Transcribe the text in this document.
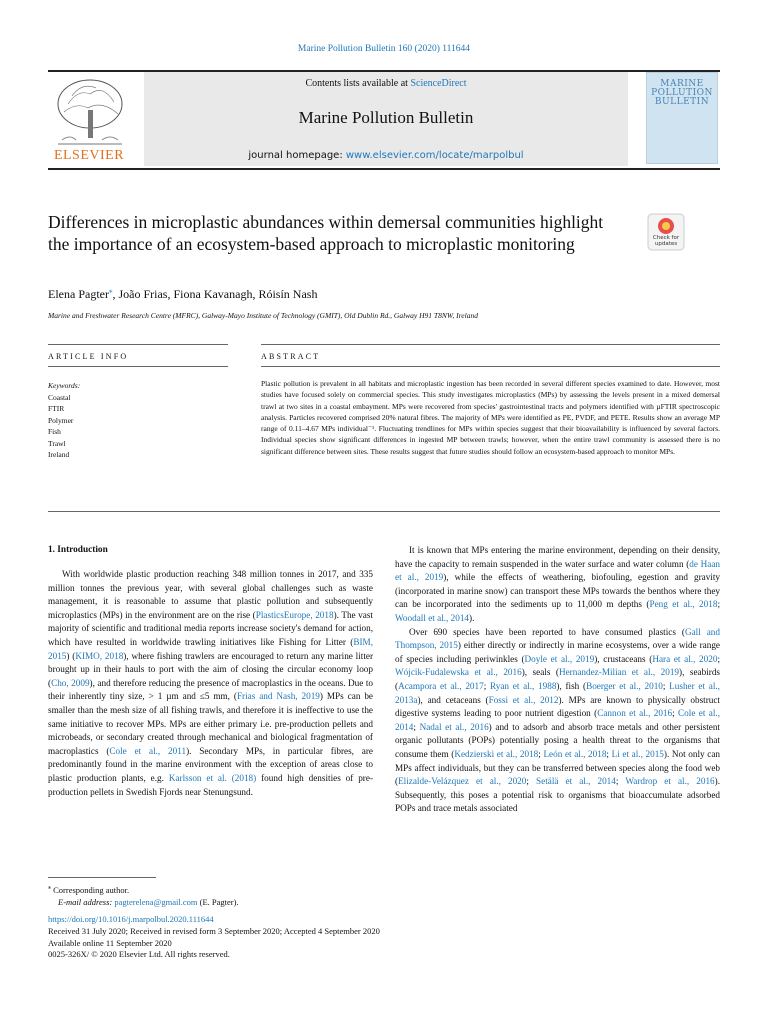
Marine Pollution Bulletin 160 (2020) 111644
ELSEVIER
Contents lists available at ScienceDirect
Marine Pollution Bulletin
journal homepage: www.elsevier.com/locate/marpolbul
MARINE POLLUTION BULLETIN
Differences in microplastic abundances within demersal communities highlight the importance of an ecosystem-based approach to microplastic monitoring	Check for updates
Elena Pagter⁎, João Frias, Fiona Kavanagh, Róisín Nash
Marine and Freshwater Research Centre (MFRC), Galway-Mayo Institute of Technology (GMIT), Old Dublin Rd., Galway H91 T8NW, Ireland
ARTICLE INFO	ABSTRACT
Keywords:
Coastal
FTIR
Polymer
Fish
Trawl
Ireland
Plastic pollution is prevalent in all habitats and microplastic ingestion has been recorded in several different species examined to date. However, most studies have focused solely on commercial species. This study investigates microplastics (MPs) by assessing the levels present in a mixed demersal trawl at two sites in a coastal embayment. MPs were recovered from species' gastrointestinal tracts and polymers identified with µFTIR spectroscopic analysis. Particles recovered comprised 20% natural fibres. The majority of MPs were identified as PE, PVDF, and PETE. Results show an average MP range of 0.11–4.67 MPs individual⁻¹. Fluctuating trendlines for MPs within species suggest that their bioavailability is influenced by several factors. Individual species show significant differences in ingested MP between trawls; however, when the entire trawl community is assessed there is no significant difference between sites. These results suggest that future studies should follow an ecosystem-based approach to monitor MPs.
1. Introduction

With worldwide plastic production reaching 348 million tonnes in 2017, and 335 million tonnes the previous year, with several global challenges such as waste management, it is reasonable to assume that plastic pollution and subsequently microplastics (MPs) in the environment are on the rise (PlasticsEurope, 2018). The vast majority of scientific and traditional media reports increase society's demand for action, which have resulted in worldwide trawling initiatives like Fishing for Litter (BIM, 2015) (KIMO, 2018), where fishing trawlers are encouraged to return any marine litter brought up in their hauls to port with the aim of closing the circular economy loop (Cho, 2009), and therefore reducing the presence of macroplastics in the oceans. Due to their inherently tiny size, > 1 µm and ≤5 mm, (Frias and Nash, 2019) MPs can be smaller than the mesh size of all fishing trawls, and therefore it is ineffective to use the same initiative to recover MPs. MPs are either primary i.e. pre-production pellets and microbeads, or secondary created through mechanical and biological fragmentation of macroplastics (Cole et al., 2011). Secondary MPs, in particular fibres, are predominantly found in the marine environment with the exception of areas close to plastic production plants, e.g. Karlsson et al. (2018) found high densities of pre-production pellets in Swedish Fjords near Stenungsund.

It is known that MPs entering the marine environment, depending on their density, have the capacity to remain suspended in the water surface and water column (de Haan et al., 2019), while the effects of weathering, biofouling, egestion and gravity (incorporated in marine snow) can transport these MPs towards the benthos where they can be incorporated into the sediments up to 11,000 m depths (Peng et al., 2018; Woodall et al., 2014).

Over 690 species have been reported to have consumed plastics (Gall and Thompson, 2015) either directly or indirectly in marine ecosystems, over a wide range of species including periwinkles (Doyle et al., 2019), crustaceans (Hara et al., 2020; Wójcik-Fudalewska et al., 2016), seals (Hernandez-Milian et al., 2019), seabirds (Acampora et al., 2017; Ryan et al., 1988), fish (Boerger et al., 2010; Lusher et al., 2013a), and cetaceans (Fossi et al., 2012). MPs are known to physically obstruct digestive systems leading to poor nutrient digestion (Cannon et al., 2016; Cole et al., 2014; Nadal et al., 2016) and to adsorb and absorb trace metals and other persistent organic pollutants (POPs) potentially posing a health threat to the organisms that consume them (Kedzierski et al., 2018; León et al., 2018; Li et al., 2015). Not only can MPs affect individuals, but they can be transferred between species along the food web (Elizalde-Velázquez et al., 2020; Setälä et al., 2014; Wardrop et al., 2016). Subsequently, this poses a potential risk to organisms that bioaccumulate adsorbed POPs and trace metals associated

⁎ Corresponding author.
E-mail address: pagterelena@gmail.com (E. Pagter).
https://doi.org/10.1016/j.marpolbul.2020.111644
Received 31 July 2020; Received in revised form 3 September 2020; Accepted 4 September 2020
Available online 11 September 2020
0025-326X/ © 2020 Elsevier Ltd. All rights reserved.
